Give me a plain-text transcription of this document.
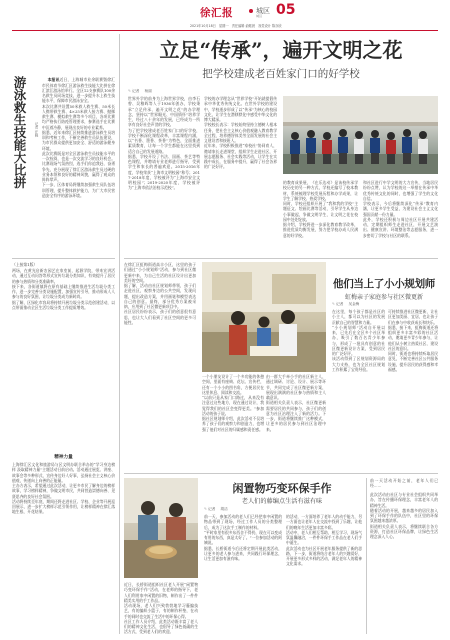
徐汇报	城区
城区 05
2021年10月18日　星期一　责任编辑 俞懿晨　视觉设计 陈亦欣
游泳救生技能大比拼	记者 汪晓

本报讯近日，上海城市业余联赛暨徐汇市民体育节徐汇区游泳救生技能大比拼在徐汇滨江游泳馆举行。全区12支参赛队100余名救生员同场竞技，进一步提升水上救生技能水平，保障市民游泳安全。
本次比赛共设置50米救人救生赛、50米长人携带救生赛、4×25米救人接力赛、抛掷救生赛、模拟救生赛等多个项目，各项比赛均严格执行防疫管理要求，参赛选手在比赛中沉着冷静，展现出良好的专业素养。
据悉，近年来徐汇区持续推进游泳救生员培训和考核工作，不断完善救生员队伍建设，为市民群众提供更加安全、舒适的游泳健身环境。
此次比赛既是对全区游泳救生员技能水平的一次检阅，也是一次交流学习的良好机会。比赛现场气氛热烈，选手们你追我赶、奋勇争先，充分展现了徐汇区游泳救生员过硬的业务本领和良好的精神风貌，赢得了观众的阵阵掌声。
下一步，区体育局将继续加强救生员队伍培训管理，提升整体救护能力，为广大市民营造安全有序的游泳环境。

（上接第1版）
两场，在黄光启新农园艺在家室前，起源学院，带来宣讲活动，通过互动问答等形式宣传垃圾分类知识，有效提升了居民的参与热情和分类准确率。
接下来，各街道镇将在原有基础上继续推进生活垃圾分类工作，进一步完善分类设施配置，加强宣传引导，推动形成人人参与的良好氛围，让垃圾分类成为新时尚。
据了解，区绿化市容局将持续开展垃圾分类示范创建活动，以点带面推动全区生活垃圾分类工作提质增效。
精神力量
上海徐汇区文化和旅游局与区文明办联合举办的“学习身边榜样 汲取精神力量”主题活动日前启动。活动通过展览、讲座、故事会等多种形式，宣传身边好人好事，弘扬社会主义核心价值观，传递向上向善的正能量。
主办方表示，希望通过此次活动，让更多市民了解身边的榜样故事，学习榜样精神，争做文明市民，共同营造崇德向善、见贤思齐的良好社会氛围。
活动将持续至年底，期间还将走进社区、学校、企业等开展巡回展示，进一步扩大榜样示范引领作用，让榜样精神在徐汇落地生根、开花结果。
立足“传承”，遍开文明之花
把学校建成老百姓家门口的好学校
✎ 记者 杨丽
世界外学的前身为上海世界学校，由李石曾、吴稚晖等人于1936年创办，学校秉承“立足传承、遍开文明之花”的办学理念，坚持以“世界眼光、中国情怀”培养学生，经过八十余年的发展，已经成为一所享有良好社会声誉的学校。
为了把学校建成老百姓家门口的好学校，学校不断深化课程改革，丰富课程内涵，以“书香、墨香、茶香”为特色，全面推进素质教育，让每一个学生都能在这里找到适合自己的发展道路。
据悉，学校开设了书法、国画、茶艺等特色课程，并聘请专业老师进行指导，受到学生和家长的普遍欢迎。2015-2016年度，学校荣获“上海市文明校园”称号；2017-2018年度，学校被评为“上海市安全文明校园”；2019-2020年度，学校被评为“上海市依法治校示范校”。
学校的办学理念从“世界学校”开始就提倡传承中华优秀传统文化。在世外学校的建设中，学校逐步形成了以“传承”为核心的校园文化，让学生在潜移默化中感受中华文化的博大精深。
学校校长表示：学校始终坚持立德树人根本任务，把社会主义核心价值观融入教育教学全过程，培养德智体美劳全面发展的社会主义建设者和接班人。
近年来，学校积极推进“家校社”协同育人，邀请家长走进课堂，组织学生走进社区，开展志愿服务、社会实践等活动，让学生在实践中成长，在服务中提升，赢得了社会各界的广泛好评。
的教育成果展，《在乐达动》是该校传承学校历史的另一种方式，学校还编写了校本教材，系统梳理学校发展历程和办学成果，让学生了解学校、热爱学校。
同时，学校还组织开展了“我和我的学校”主题征文、绘画比赛等活动，引导学生从身边小事做起，争做文明学生，让文明之花在校园中处处绽放。
据介绍，学校将进一步深化教育教学改革，推进优质均衡发展，努力把学校办成人民满意的好学校。
和社区进行中学文明的大力宣传，当地居民纷纷点赞，认为学校的这一举措在传承中华优秀传统文化的同时，也增强了学生的文化自信。
学校表示，今后将继续深化“传承”教育内涵，让更多学生受益，为建设社会主义文化强国贡献一份力量。
此外，学校还积极与周边社区开展共建活动，定期组织师生走进社区，开展文艺演出、健康宣讲、环境整治等志愿服务，进一步密切了学校与社区的联系。
在徐汇区虹梅街道高丰小区，这里的孩子们通过“小小规划师”活动，参与到社区微更新中来，为自己生活的社区设计出更加美好的空间。
据了解，活动由社区规划师带领，孩子们走进社区，观察身边的公共空间，发现问题，提出改造方案，并用画笔和模型表达自己的创意。最终，部分优秀方案被采纳，应用到了社区微更新项目中。
社区居民纷纷表示，孩子们的创意很有意思，也让大人们看到了社区空间的更多可能性。
一个小朋友设计了一个多功能的休憩空间，里面有座椅、花坛、宣传栏，还有一个小小的图书角，方便居民在这里休息、阅读和交流。
“以前只是从家门口路过，从来没有注意过这些地方，现在通过设计，我觉得我们的社区会变得更美。”参加活动的孩子说。
据社区规划师介绍，此次活动不仅培养了孩子们的观察力和创造力，也增强了他们对社区的归属感和责任感。
由一群大手牵小手的社区新主人，通过调研、讨论、设计、展示等环节，共同完成了社区微更新方案，展现出满满的社区参与热情和主人翁意识。
街道相关负责人表示，社区微更新需要居民的共同参与，孩子们的创意为社区治理注入了新的活力。下一步，街道将继续推广这种模式，让更多的居民参与到社区治理中来。
他们当上了小小规划师
虹梅亲子家庭参与社区微更新
✎ 记者 吴金梅
在这里，每个孩子都是社区的小主人，都可以为社区的发展贡献自己的智慧和力量。
“小小规划师”活动自开展以来，已先后在全区多个社区举办，吸引了数百名青少年参与，形成了一批具有创意的社区微更新设计方案，受到居民的广泛好评。
该活动得到了区规划资源局的大力支持，也为全区社区规划工作积累了宝贵经验。
可持续推进社区微更新，让社区更加美丽、宜居，也让孩子们在参与中收获成长和快乐。
据悉，接下来，虹梅街道还将组织更多丰富多彩的社区活动，邀请更多青少年参与，让他们从小树立热爱社区、建设社区的意识。
同时，街道也将持续听取居民意见，不断完善社区公共服务设施，提升居民的获得感和幸福感。
闲置物巧变环保手作
老人们的藤编点生活有滋有味
✎ 记者 胡洁
近日，长桥街道组织社区老人开展“闲置物巧变环保手作”活动，在老师的指导下，老人们利用家中闲置的旧物，制作出了一件件精美实用的手工作品。
活动现场，老人们兴致勃勃地学习藤编技艺，有的编织小篮子，有的制作杯垫，在动手的同时也交流了生活中的环保心得。
社区工作人员介绍，此类活动既丰富了老人们的精神文化生活，也倡导了绿色低碳的生活方式，受到老人们的欢迎。
前一天，参加活动的老人们已经把家中闲置的物品带到了现场，经过工作人员的分类整理后，成为了这次手工制作的材料。
“平时家里有很多东西舍不得扔，现在可以变成有用的东西，真是太好了。”一位参加活动的阿姨说。
据悉，长桥街道今后还将定期开展此类活动，让更多的老人参与进来，共同践行环保理念，让生活更加有滋有味。
的活动，一方面培养了老年人的动手能力，另一方面也让老年人在交流中找到了乐趣，让他们的晚年生活更加丰富多彩。
活动中，老人们相互帮助，相互学习，现场气氛温馨融洽，一件件环保手工作品在老人们手中诞生。
此次活动也为社区开展老年服务提供了新的思路，下一步，街道将结合老年人的兴趣爱好，开展更多形式多样的活动，满足老年人的精神文化需求。
前一天活动开始之前，老年人们已经……
此次活动由社区与专业社会组织共同举办，旨在传播环保理念，丰富老年人的精神生活。
随着活动的开展，越来越多的居民加入到了环保手作的队伍中，社区里的环保氛围越来越浓厚。
街道相关负责人表示，将继续联合各方资源，打造社区环保品牌，让绿色生活理念深入人心。
